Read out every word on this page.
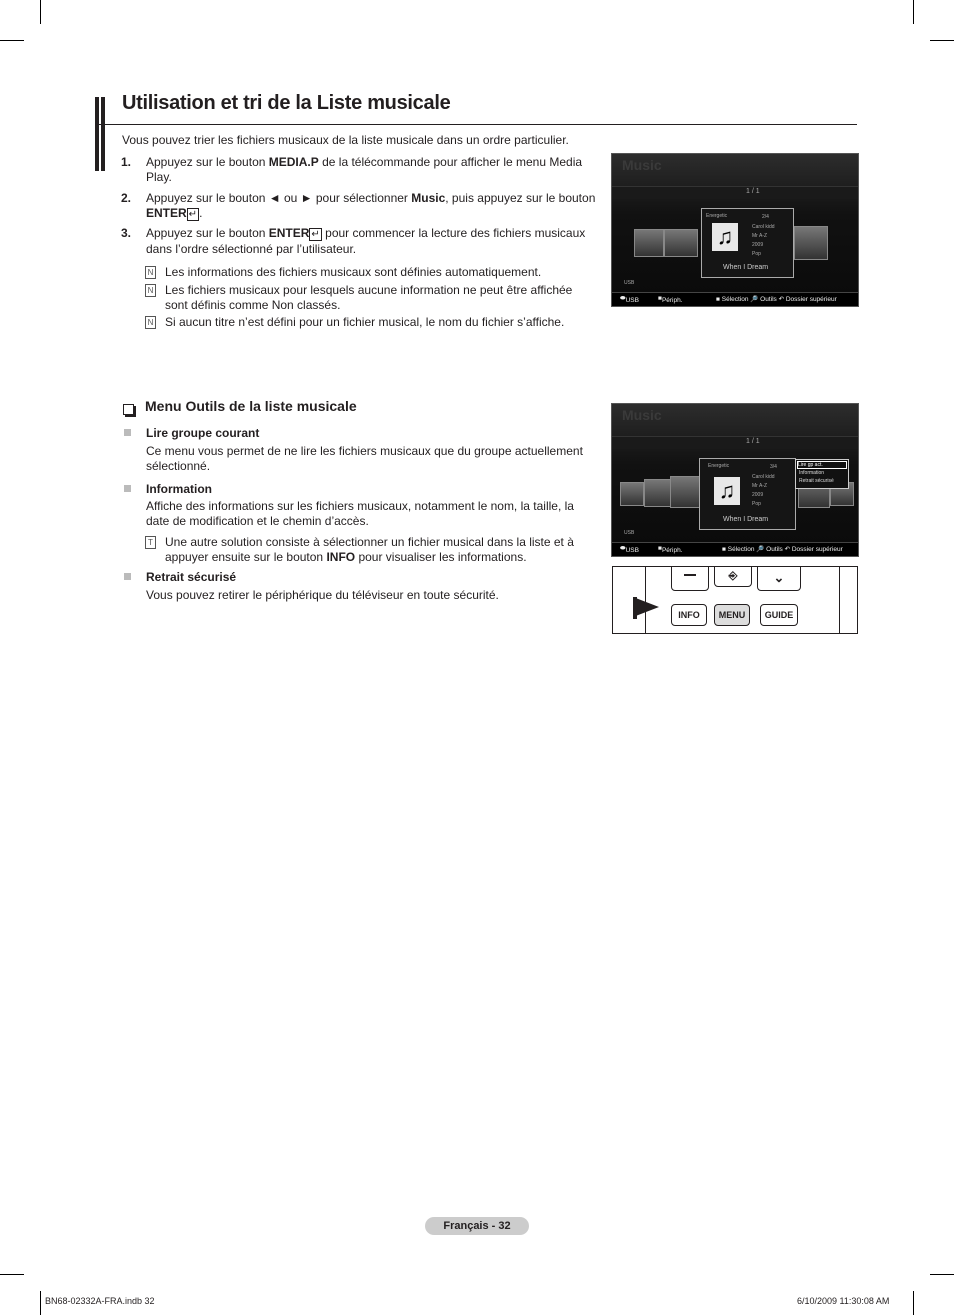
Utilisation et tri de la Liste musicale
Vous pouvez trier les fichiers musicaux de la liste musicale dans un ordre particulier.
1. Appuyez sur le bouton MEDIA.P de la télécommande pour afficher le menu Media
Play.
2. Appuyez sur le bouton ◄ ou ► pour sélectionner Music, puis appuyez sur le bouton
ENTER ↵ .
3. Appuyez sur le bouton ENTER ↵ pour commencer la lecture des fichiers musicaux
dans l’ordre sélectionné par l’utilisateur.
N Les informations des fichiers musicaux sont définies automatiquement.
N Les fichiers musicaux pour lesquels aucune information ne peut être affichée
sont définis comme Non classés.
N Si aucun titre n’est défini pour un fichier musical, le nom du fichier s’affiche.
Music
1 / 1
Energetic	2/4
♫	Carol kidd
Mr A-Z
2009
Pop
When I Dream
USB
⬬ USB	■ Périph.	■ Sélection 🔎 Outils ↶ Dossier supérieur
Menu Outils de la liste musicale
Lire groupe courant
Ce menu vous permet de ne lire les fichiers musicaux que du groupe actuellement
sélectionné.
Information
Affiche des informations sur les fichiers musicaux, notamment le nom, la taille, la
date de modification et le chemin d’accès.
T Une autre solution consiste à sélectionner un fichier musical dans la liste et à
appuyer ensuite sur le bouton INFO pour visualiser les informations.
Retrait sécurisé
Vous pouvez retirer le périphérique du téléviseur en toute sécurité.
Music
1 / 1
Energetic	3/4
♫
Carol kidd
Mr A-Z
2009
Pop
When I Dream
Lire gp act.
Information
Retrait sécurisé
USB
⬬ USB	■ Périph.	■ Sélection 🔎 Outils ↶ Dossier supérieur
⎆	⌄
INFO	MENU	GUIDE
Français - 32
BN68-02332A-FRA.indb 32	6/10/2009 11:30:08 AM
